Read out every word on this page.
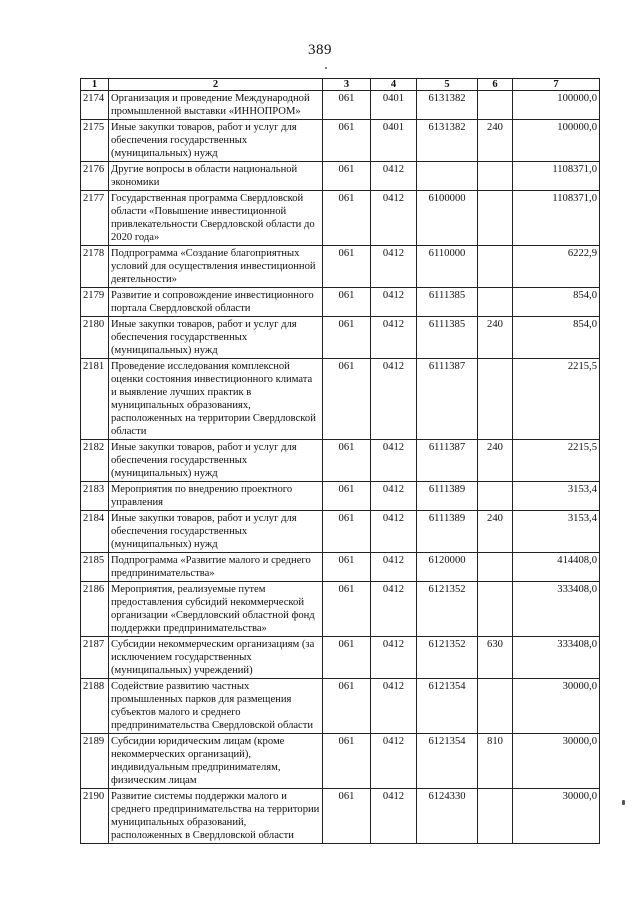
389
1	2	3	4	5	6	7
2174	Организация и проведение Международной промышленной выставки «ИННОПРОМ»	061	0401	6131382		100000,0
2175	Иные закупки товаров, работ и услуг для обеспечения государственных (муниципальных) нужд	061	0401	6131382	240	100000,0
2176	Другие вопросы в области национальной экономики	061	0412			1108371,0
2177	Государственная программа Свердловской области «Повышение инвестиционной привлекательности Свердловской области до 2020 года»	061	0412	6100000		1108371,0
2178	Подпрограмма «Создание благоприятных условий для осуществления инвестиционной деятельности»	061	0412	6110000		6222,9
2179	Развитие и сопровождение инвестиционного портала Свердловской области	061	0412	6111385		854,0
2180	Иные закупки товаров, работ и услуг для обеспечения государственных (муниципальных) нужд	061	0412	6111385	240	854,0
2181	Проведение исследования комплексной оценки состояния инвестиционного климата и выявление лучших практик в муниципальных образованиях, расположенных на территории Свердловской области	061	0412	6111387		2215,5
2182	Иные закупки товаров, работ и услуг для обеспечения государственных (муниципальных) нужд	061	0412	6111387	240	2215,5
2183	Мероприятия по внедрению проектного управления	061	0412	6111389		3153,4
2184	Иные закупки товаров, работ и услуг для обеспечения государственных (муниципальных) нужд	061	0412	6111389	240	3153,4
2185	Подпрограмма «Развитие малого и среднего предпринимательства»	061	0412	6120000		414408,0
2186	Мероприятия, реализуемые путем предоставления субсидий некоммерческой организации «Свердловский областной фонд поддержки предпринимательства»	061	0412	6121352		333408,0
2187	Субсидии некоммерческим организациям (за исключением государственных (муниципальных) учреждений)	061	0412	6121352	630	333408,0
2188	Содействие развитию частных промышленных парков для размещения субъектов малого и среднего предпринимательства Свердловской области	061	0412	6121354		30000,0
2189	Субсидии юридическим лицам (кроме некоммерческих организаций), индивидуальным предпринимателям, физическим лицам	061	0412	6121354	810	30000,0
2190	Развитие системы поддержки малого и среднего предпринимательства на территории муниципальных образований, расположенных в Свердловской области	061	0412	6124330		30000,0
